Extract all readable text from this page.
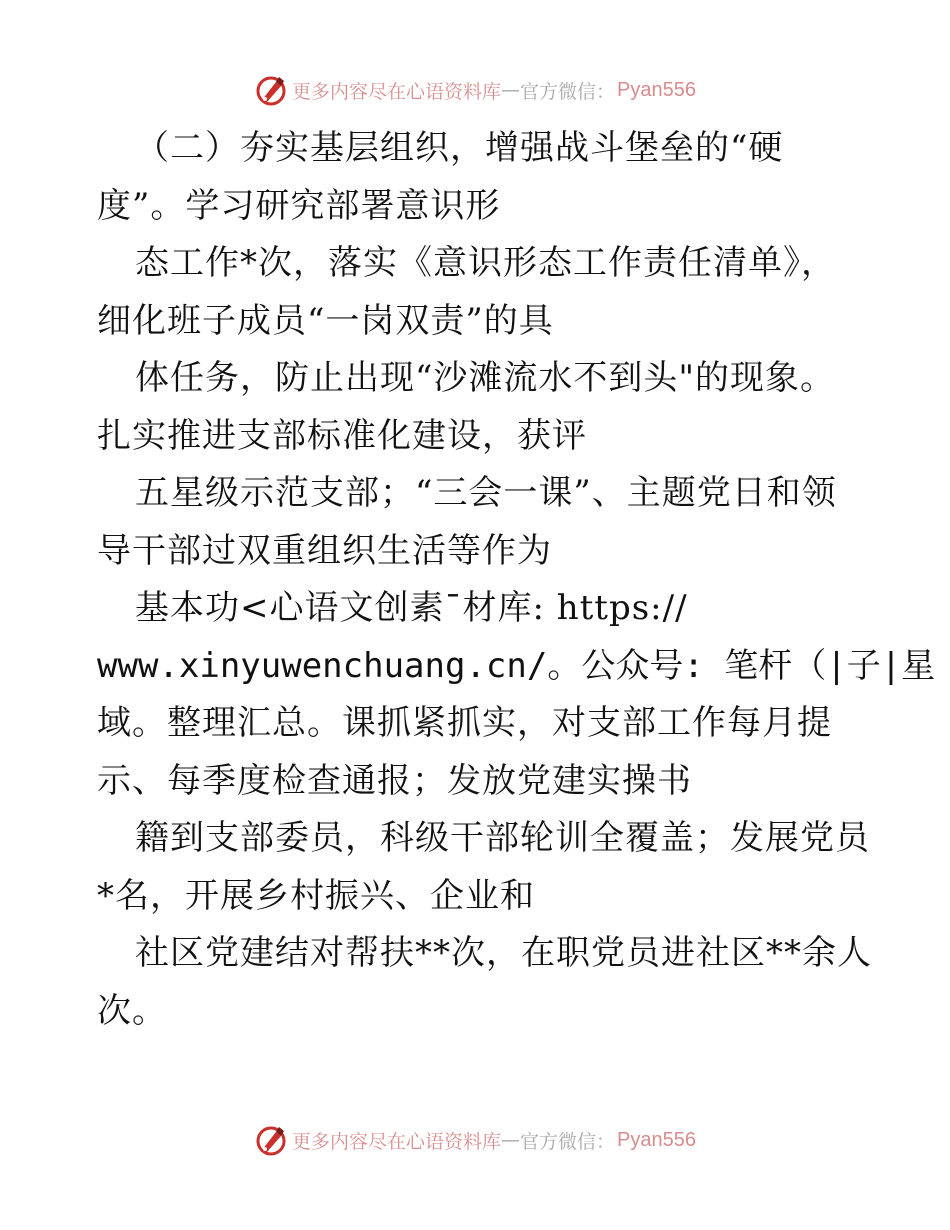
更多内容尽在心语资料库 — 官方微信： Pyan556
（二）夯实基层组织，增强战斗堡垒的“硬
度”。学习研究部署意识形
态工作*次，落实《意识形态工作责任清单》，
细化班子成员“一岗双责”的具
体任务，防止出现“沙滩流水不到头"的现象。
扎实推进支部标准化建设，获评
五星级示范支部；“三会一课”、主题党日和领
导干部过双重组织生活等作为
基本功<心语文创素¯材库: https://
www.xinyuwenchuang.cn/。公众号: 笔杆（|子|星
域。整理汇总。课抓紧抓实，对支部工作每月提
示、每季度检查通报；发放党建实操书
籍到支部委员，科级干部轮训全覆盖；发展党员
*名，开展乡村振兴、企业和
社区党建结对帮扶**次，在职党员进社区**余人
次。
更多内容尽在心语资料库 — 官方微信： Pyan556
